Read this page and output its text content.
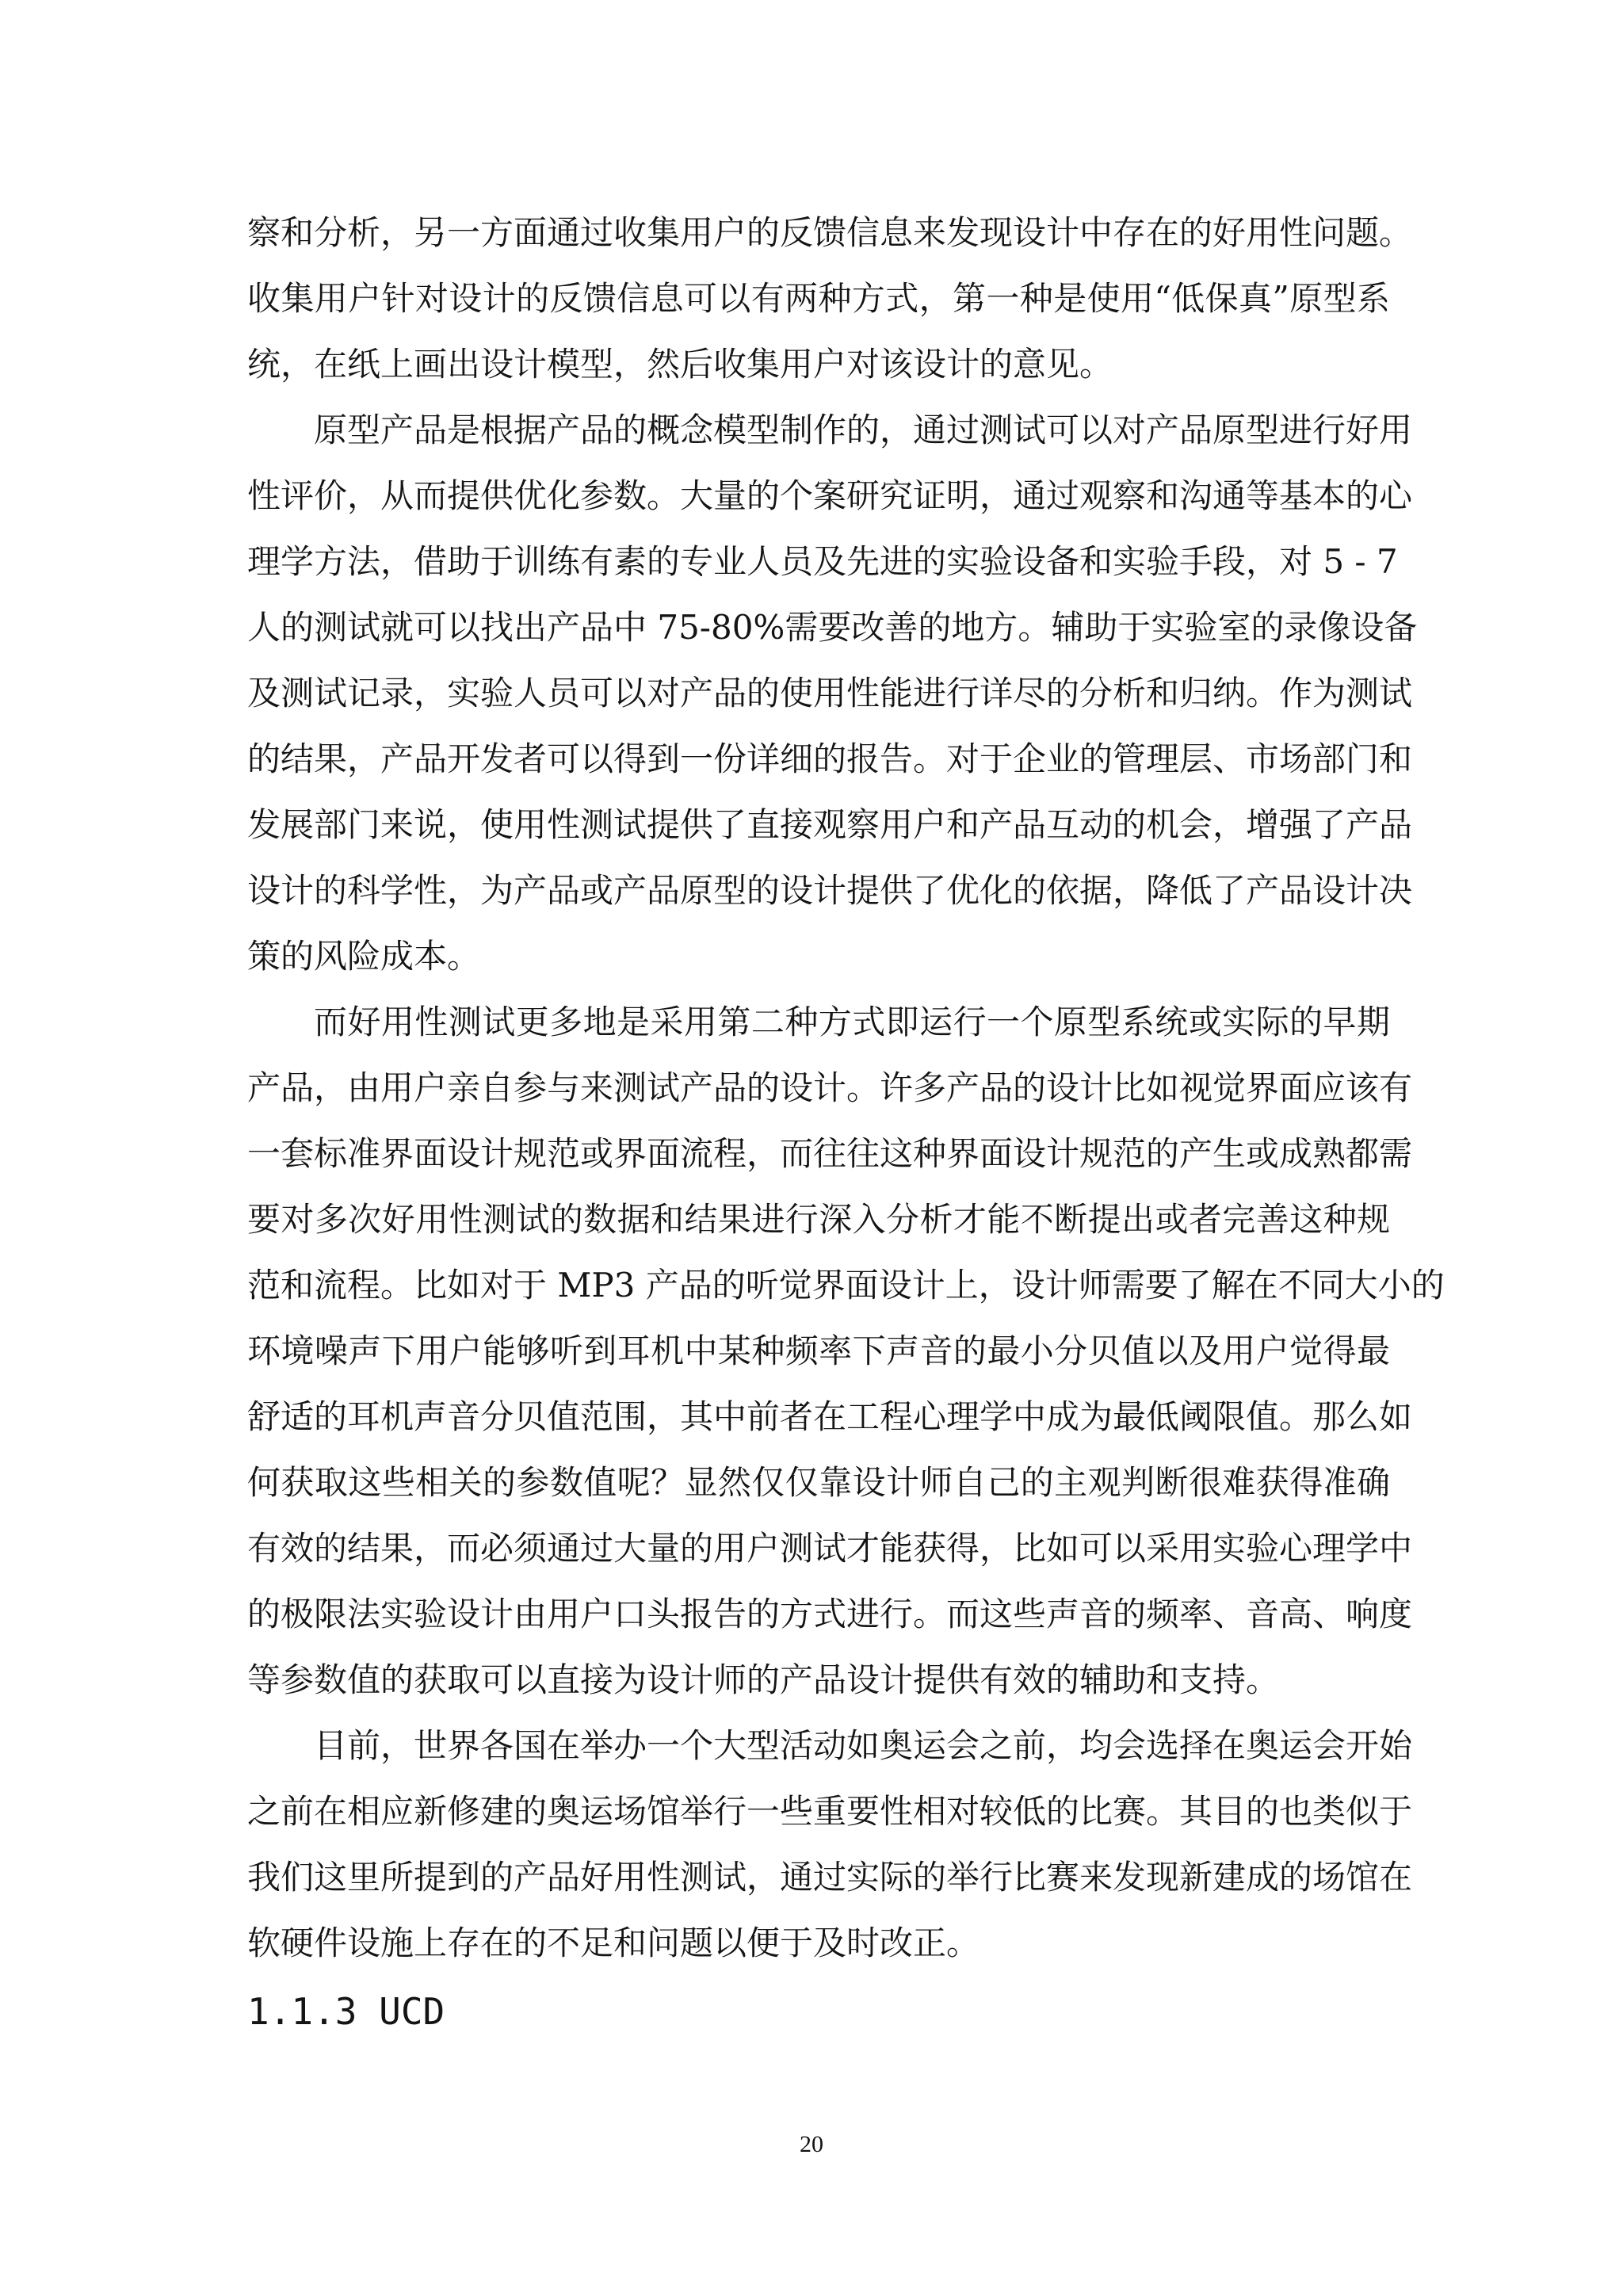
察和分析，另一方面通过收集用户的反馈信息来发现设计中存在的好用性问题。
收集用户针对设计的反馈信息可以有两种方式，第一种是使用“低保真”原型系
统，在纸上画出设计模型，然后收集用户对该设计的意见。
原型产品是根据产品的概念模型制作的，通过测试可以对产品原型进行好用
性评价，从而提供优化参数。大量的个案研究证明，通过观察和沟通等基本的心
理学方法，借助于训练有素的专业人员及先进的实验设备和实验手段，对 5 - 7
人的测试就可以找出产品中 75-80%需要改善的地方。辅助于实验室的录像设备
及测试记录，实验人员可以对产品的使用性能进行详尽的分析和归纳。作为测试
的结果，产品开发者可以得到一份详细的报告。对于企业的管理层、市场部门和
发展部门来说，使用性测试提供了直接观察用户和产品互动的机会，增强了产品
设计的科学性，为产品或产品原型的设计提供了优化的依据，降低了产品设计决
策的风险成本。
而好用性测试更多地是采用第二种方式即运行一个原型系统或实际的早期
产品，由用户亲自参与来测试产品的设计。许多产品的设计比如视觉界面应该有
一套标准界面设计规范或界面流程，而往往这种界面设计规范的产生或成熟都需
要对多次好用性测试的数据和结果进行深入分析才能不断提出或者完善这种规
范和流程。比如对于 MP3 产品的听觉界面设计上，设计师需要了解在不同大小的
环境噪声下用户能够听到耳机中某种频率下声音的最小分贝值以及用户觉得最
舒适的耳机声音分贝值范围，其中前者在工程心理学中成为最低阈限值。那么如
何获取这些相关的参数值呢？显然仅仅靠设计师自己的主观判断很难获得准确
有效的结果，而必须通过大量的用户测试才能获得，比如可以采用实验心理学中
的极限法实验设计由用户口头报告的方式进行。而这些声音的频率、音高、响度
等参数值的获取可以直接为设计师的产品设计提供有效的辅助和支持。
目前，世界各国在举办一个大型活动如奥运会之前，均会选择在奥运会开始
之前在相应新修建的奥运场馆举行一些重要性相对较低的比赛。其目的也类似于
我们这里所提到的产品好用性测试，通过实际的举行比赛来发现新建成的场馆在
软硬件设施上存在的不足和问题以便于及时改正。
1.1.3 UCD
20
